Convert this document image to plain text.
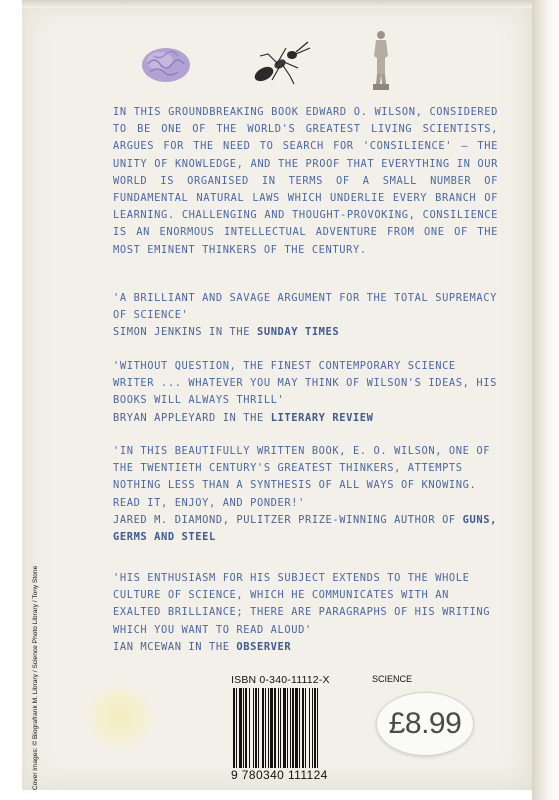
IN THIS GROUNDBREAKING BOOK EDWARD O. WILSON, CONSIDERED TO BE ONE OF THE WORLD'S GREATEST LIVING SCIENTISTS, ARGUES FOR THE NEED TO SEARCH FOR 'CONSILIENCE' – THE UNITY OF KNOWLEDGE, AND THE PROOF THAT EVERYTHING IN OUR WORLD IS ORGANISED IN TERMS OF A SMALL NUMBER OF FUNDAMENTAL NATURAL LAWS WHICH UNDERLIE EVERY BRANCH OF LEARNING. CHALLENGING AND THOUGHT-PROVOKING, CONSILIENCE IS AN ENORMOUS INTELLECTUAL ADVENTURE FROM ONE OF THE MOST EMINENT THINKERS OF THE CENTURY.
'A BRILLIANT AND SAVAGE ARGUMENT FOR THE TOTAL SUPREMACY OF SCIENCE'
SIMON JENKINS IN THE SUNDAY TIMES
'WITHOUT QUESTION, THE FINEST CONTEMPORARY SCIENCE WRITER ... WHATEVER YOU MAY THINK OF WILSON'S IDEAS, HIS BOOKS WILL ALWAYS THRILL'
BRYAN APPLEYARD IN THE LITERARY REVIEW
'IN THIS BEAUTIFULLY WRITTEN BOOK, E. O. WILSON, ONE OF THE TWENTIETH CENTURY'S GREATEST THINKERS, ATTEMPTS NOTHING LESS THAN A SYNTHESIS OF ALL WAYS OF KNOWING. READ IT, ENJOY, AND PONDER!'
JARED M. DIAMOND, PULITZER PRIZE-WINNING AUTHOR OF GUNS, GERMS AND STEEL
'HIS ENTHUSIASM FOR HIS SUBJECT EXTENDS TO THE WHOLE CULTURE OF SCIENCE, WHICH HE COMMUNICATES WITH AN EXALTED BRILLIANCE; THERE ARE PARAGRAPHS OF HIS WRITING WHICH YOU WANT TO READ ALOUD'
IAN MCEWAN IN THE OBSERVER
Cover images: © Biografrank M. Library / Science Photo Library / Tony Stone	ISBN 0-340-11112-X	SCIENCE
9 780340 111124
£8.99
